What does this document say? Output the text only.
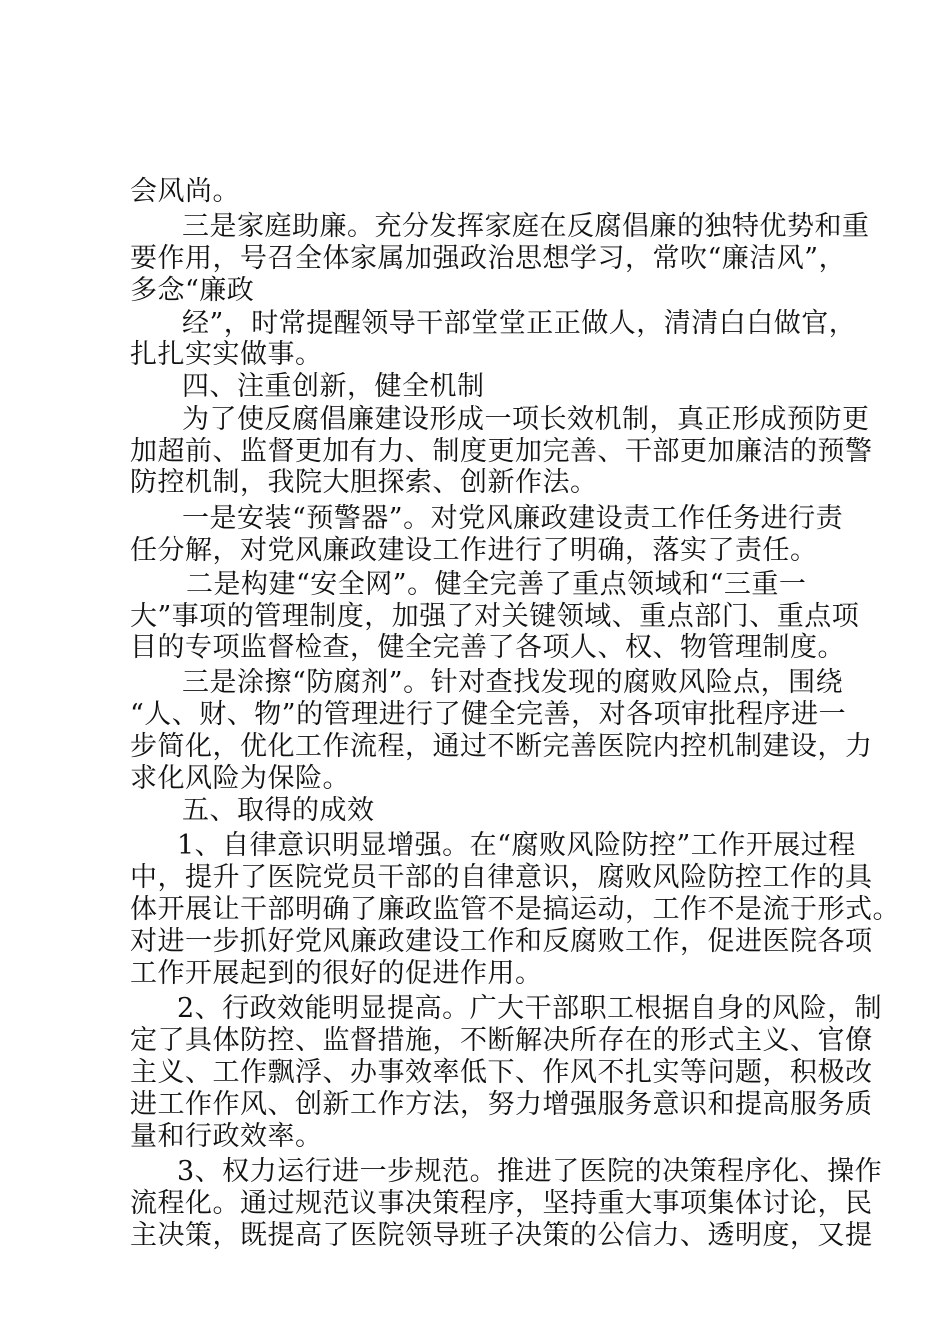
会风尚。
三是家庭助廉。充分发挥家庭在反腐倡廉的独特优势和重
要作用，号召全体家属加强政治思想学习，常吹“廉洁风”，
多念“廉政
经”，时常提醒领导干部堂堂正正做人，清清白白做官，
扎扎实实做事。
四、注重创新，健全机制
为了使反腐倡廉建设形成一项长效机制，真正形成预防更
加超前、监督更加有力、制度更加完善、干部更加廉洁的预警
防控机制，我院大胆探索、创新作法。
一是安装“预警器”。对党风廉政建设责工作任务进行责
任分解，对党风廉政建设工作进行了明确，落实了责任。
二是构建“安全网”。健全完善了重点领域和“三重一
大”事项的管理制度，加强了对关键领域、重点部门、重点项
目的专项监督检查，健全完善了各项人、权、物管理制度。
三是涂擦“防腐剂”。针对查找发现的腐败风险点，围绕
“人、财、物”的管理进行了健全完善，对各项审批程序进一
步简化，优化工作流程，通过不断完善医院内控机制建设，力
求化风险为保险。
五、取得的成效
1、自律意识明显增强。在“腐败风险防控”工作开展过程
中，提升了医院党员干部的自律意识，腐败风险防控工作的具
体开展让干部明确了廉政监管不是搞运动，工作不是流于形式。
对进一步抓好党风廉政建设工作和反腐败工作，促进医院各项
工作开展起到的很好的促进作用。
2、行政效能明显提高。广大干部职工根据自身的风险，制
定了具体防控、监督措施，不断解决所存在的形式主义、官僚
主义、工作飘浮、办事效率低下、作风不扎实等问题，积极改
进工作作风、创新工作方法，努力增强服务意识和提高服务质
量和行政效率。
3、权力运行进一步规范。推进了医院的决策程序化、操作
流程化。通过规范议事决策程序，坚持重大事项集体讨论，民
主决策，既提高了医院领导班子决策的公信力、透明度，又提
